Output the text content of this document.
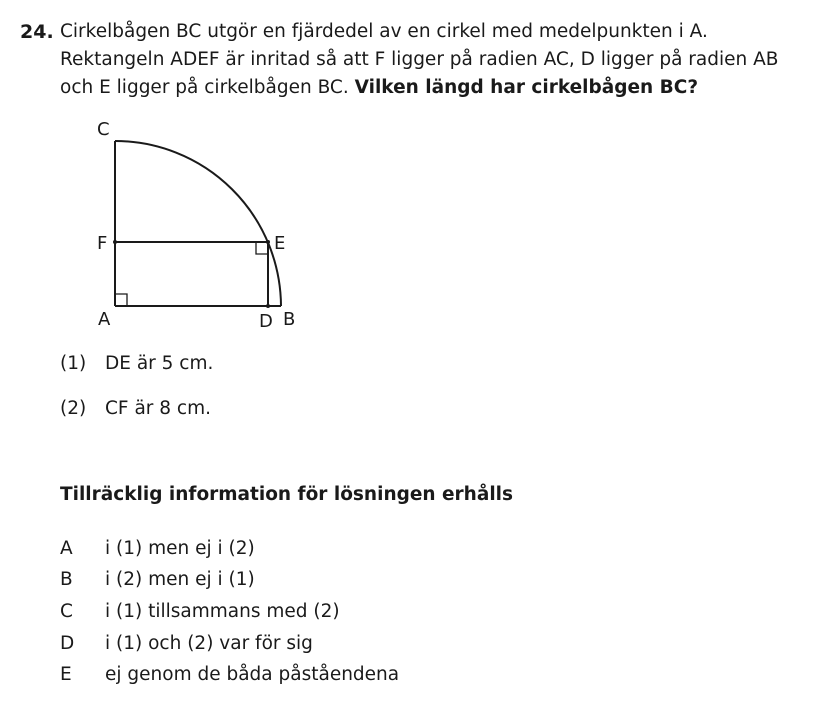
24. Cirkelbågen BC utgör en fjärdedel av en cirkel med medelpunkten i A. Rektangeln ADEF är inritad så att F ligger på radien AC, D ligger på radien AB och E ligger på cirkelbågen BC. Vilken längd har cirkelbågen BC?
C
F	E
A	D B
(1) DE är 5 cm.
(2) CF är 8 cm.
Tillräcklig information för lösningen erhålls
A i (1) men ej i (2)
B i (2) men ej i (1)
C i (1) tillsammans med (2)
D i (1) och (2) var för sig
E ej genom de båda påståendena
